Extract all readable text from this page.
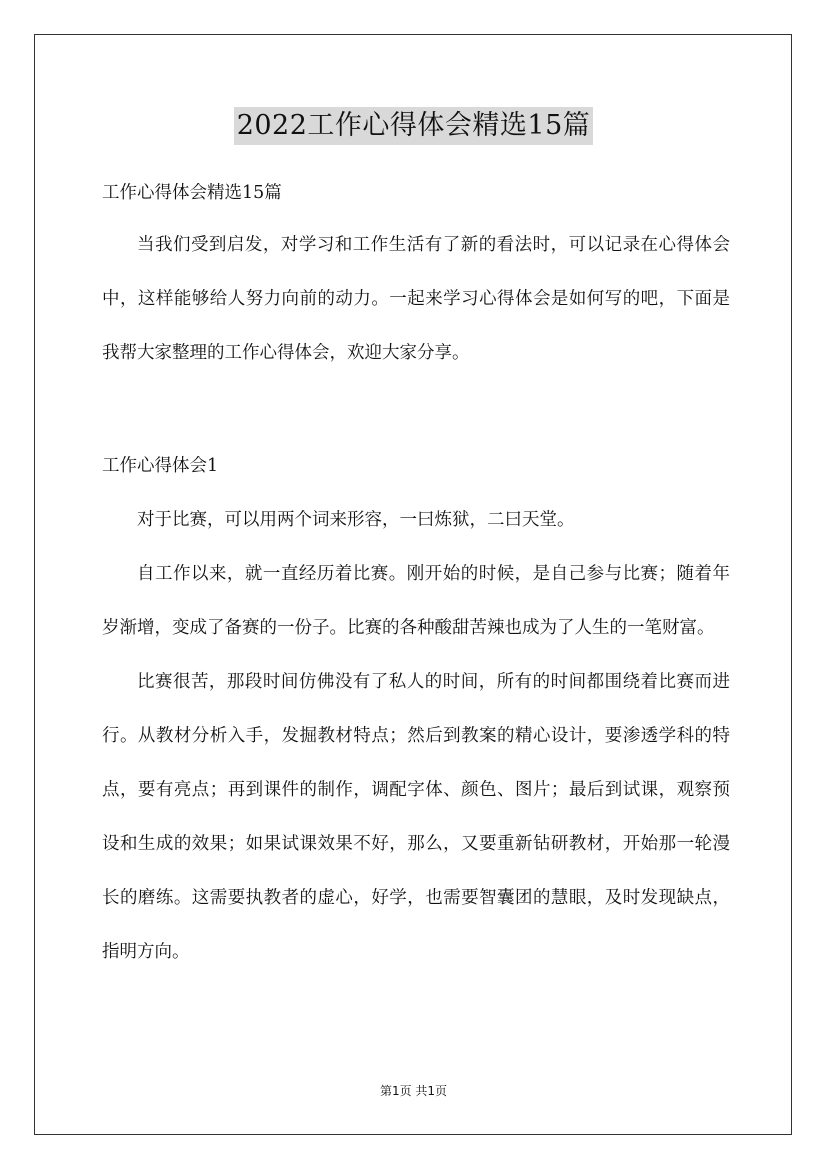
2022工作心得体会精选15篇
工作心得体会精选15篇

当我们受到启发，对学习和工作生活有了新的看法时，可以记录在心得体会中，这样能够给人努力向前的动力。一起来学习心得体会是如何写的吧，下面是我帮大家整理的工作心得体会，欢迎大家分享。

工作心得体会1

对于比赛，可以用两个词来形容，一曰炼狱，二曰天堂。

自工作以来，就一直经历着比赛。刚开始的时候，是自己参与比赛；随着年岁渐增，变成了备赛的一份子。比赛的各种酸甜苦辣也成为了人生的一笔财富。

比赛很苦，那段时间仿佛没有了私人的时间，所有的时间都围绕着比赛而进行。从教材分析入手，发掘教材特点；然后到教案的精心设计，要渗透学科的特点，要有亮点；再到课件的制作，调配字体、颜色、图片；最后到试课，观察预设和生成的效果；如果试课效果不好，那么，又要重新钻研教材，开始那一轮漫长的磨练。这需要执教者的虚心，好学，也需要智囊团的慧眼，及时发现缺点，指明方向。

第1页 共1页
